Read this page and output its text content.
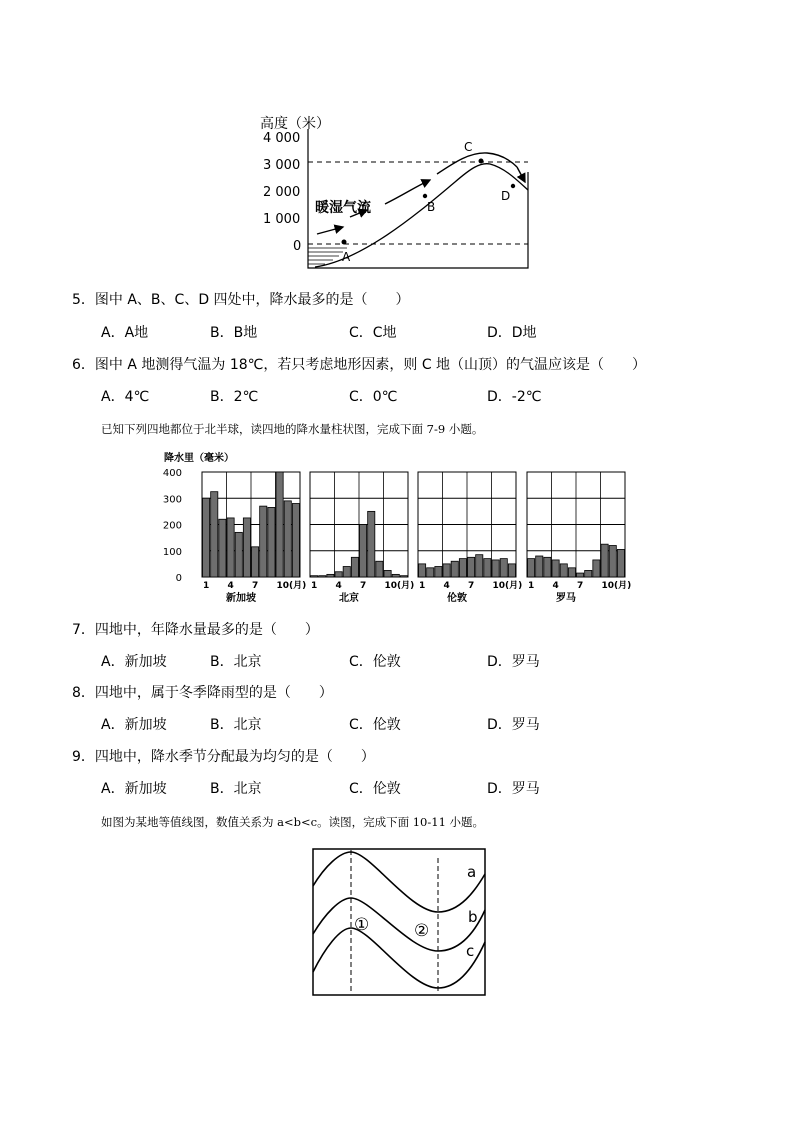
高度（米）
4 000
3 000
2 000
1 000
0
暖湿气流
A
B
C
D
5．图中 A、B、C、D 四处中，降水最多的是（　　）
A．A地	B．B地	C．C地	D．D地
6．图中 A 地测得气温为 18℃，若只考虑地形因素，则 C 地（山顶）的气温应该是（　　）
A．4℃	B．2℃	C．0℃	D．-2℃
已知下列四地都位于北半球，读四地的降水量柱状图，完成下面 7-9 小题。
降水里（毫米）
400
300
200
100
0
1 4 7 10(月)
新加坡
1 4 7 10(月)
北京
1 4 7 10(月)
伦敦
1 4 7 10(月)
罗马
7．四地中，年降水量最多的是（　　）
A．新加坡	B．北京	C．伦敦	D．罗马
8．四地中，属于冬季降雨型的是（　　）
A．新加坡	B．北京	C．伦敦	D．罗马
9．四地中，降水季节分配最为均匀的是（　　）
A．新加坡	B．北京	C．伦敦	D．罗马
如图为某地等值线图，数值关系为 a<b<c。读图，完成下面 10-11 小题。
a
b
c
①	②
